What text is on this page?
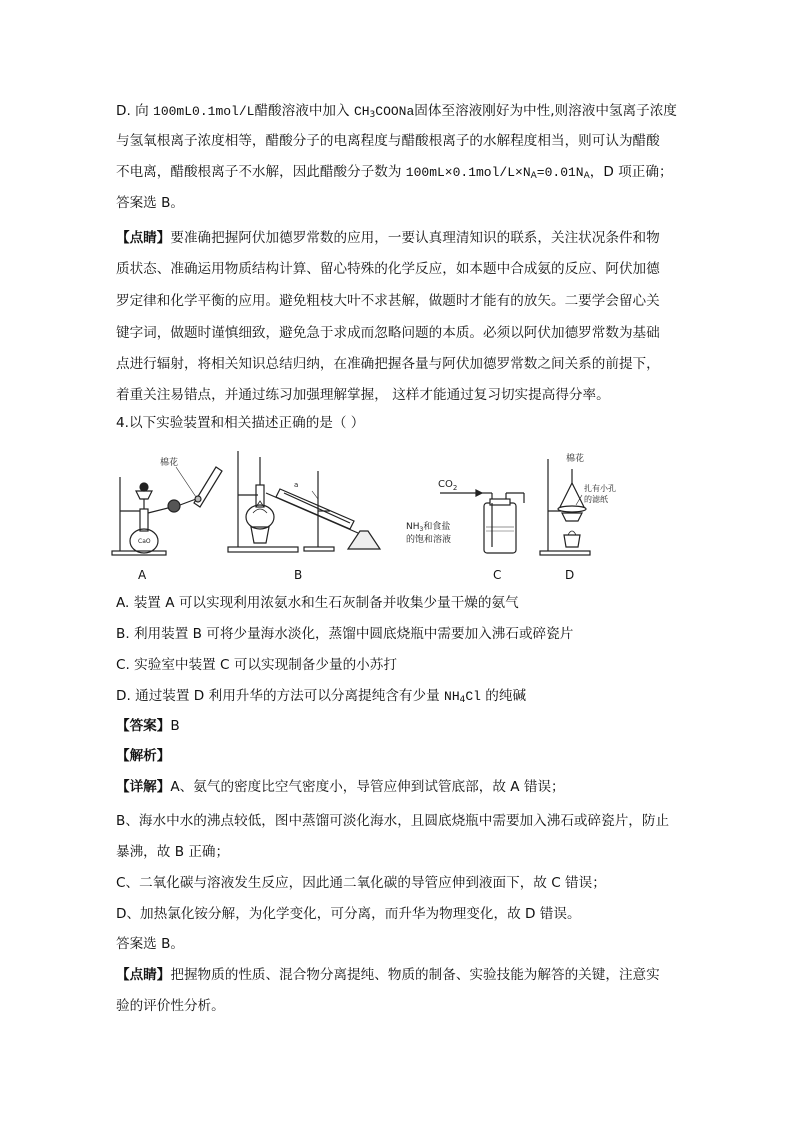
D. 向 100mL0.1mol/L醋酸溶液中加入 $CH_3COONa$固体至溶液刚好为中性,则溶液中氢离子浓度
与氢氧根离子浓度相等，醋酸分子的电离程度与醋酸根离子的水解程度相当，则可认为醋酸
不电离，醋酸根离子不水解，因此醋酸分子数为 $100mL\times 0.1mol/L\times N_A=0.01N_A$，D 项正确；
答案选 B。
【点睛】要准确把握阿伏加德罗常数的应用，一要认真理清知识的联系，关注状况条件和物
质状态、准确运用物质结构计算、留心特殊的化学反应，如本题中合成氨的反应、阿伏加德
罗定律和化学平衡的应用。避免粗枝大叶不求甚解，做题时才能有的放矢。二要学会留心关
键字词，做题时谨慎细致，避免急于求成而忽略问题的本质。必须以阿伏加德罗常数为基础
点进行辐射，将相关知识总结归纳，在准确把握各量与阿伏加德罗常数之间关系的前提下，
着重关注易错点，并通过练习加强理解掌握， 这样才能通过复习切实提高得分率。
4.以下实验装置和相关描述正确的是（ ）
CaO
棉花
a	$CO_2$
$NH_3$和食盐
的饱和溶液
棉花
扎有小孔
的滤纸
A	B	C	D
A. 装置 A 可以实现利用浓氨水和生石灰制备并收集少量干燥的氨气
B. 利用装置 B 可将少量海水淡化，蒸馏中圆底烧瓶中需要加入沸石或碎瓷片
C. 实验室中装置 C 可以实现制备少量的小苏打
D. 通过装置 D 利用升华的方法可以分离提纯含有少量 $NH_4Cl$ 的纯碱
【答案】B
【解析】
【详解】A、氨气的密度比空气密度小，导管应伸到试管底部，故 A 错误；
B、海水中水的沸点较低，图中蒸馏可淡化海水，且圆底烧瓶中需要加入沸石或碎瓷片，防止
暴沸，故 B 正确；
C、二氧化碳与溶液发生反应，因此通二氧化碳的导管应伸到液面下，故 C 错误；
D、加热氯化铵分解，为化学变化，可分离，而升华为物理变化，故 D 错误。
答案选 B。
【点睛】把握物质的性质、混合物分离提纯、物质的制备、实验技能为解答的关键，注意实
验的评价性分析。
